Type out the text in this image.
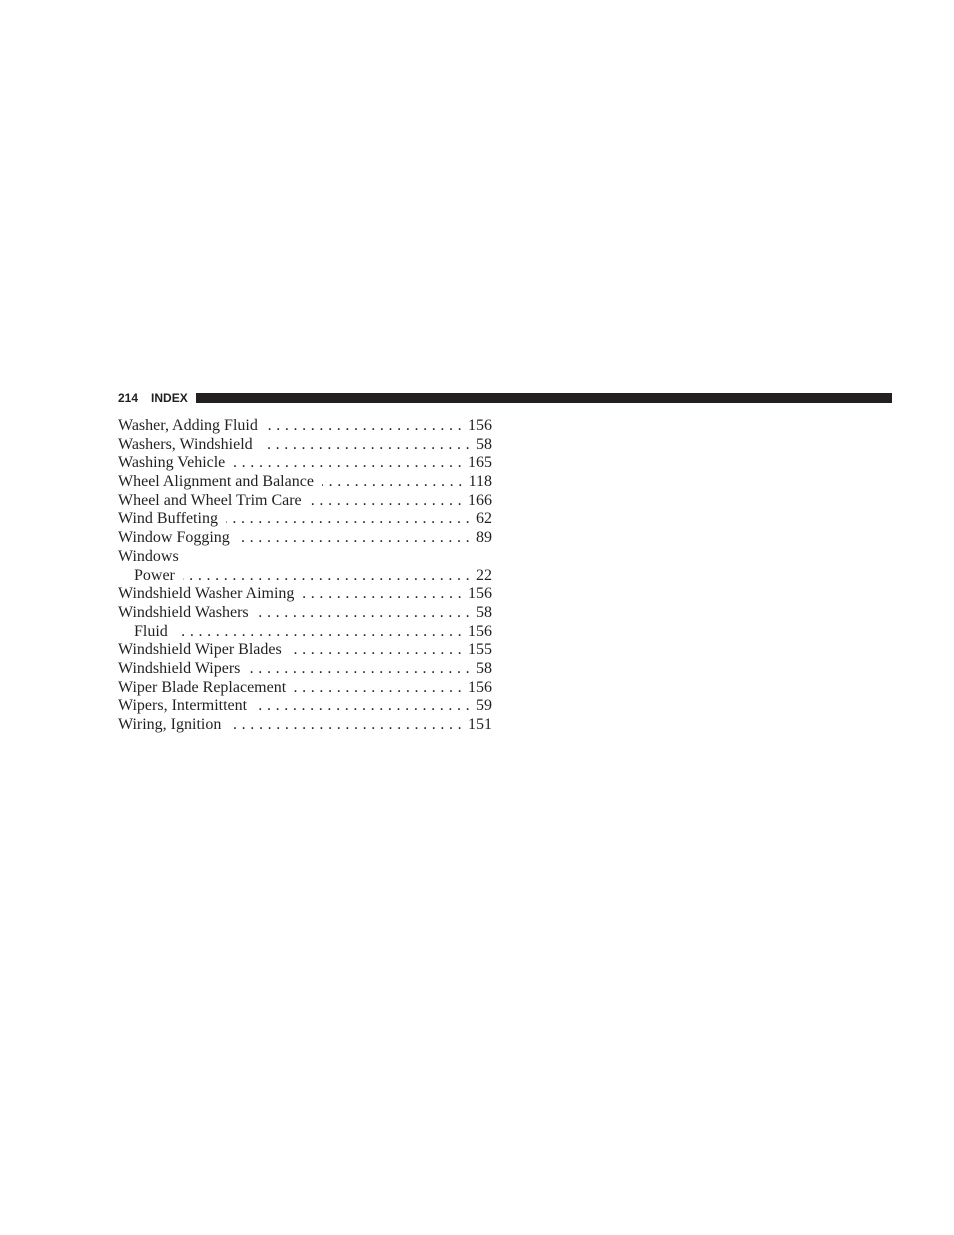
214 INDEX
Washer, Adding Fluid . . .	156
Washers, Windshield . . .	58
Washing Vehicle . . .	165
Wheel Alignment and Balance . . .	118
Wheel and Wheel Trim Care . . .	166
Wind Buffeting . . .	62
Window Fogging . . .	89
Windows
Power . . .	22
Windshield Washer Aiming . . .	156
Windshield Washers . . .	58
Fluid . . .	156
Windshield Wiper Blades . . .	155
Windshield Wipers . . .	58
Wiper Blade Replacement . . .	156
Wipers, Intermittent . . .	59
Wiring, Ignition . . .	151
